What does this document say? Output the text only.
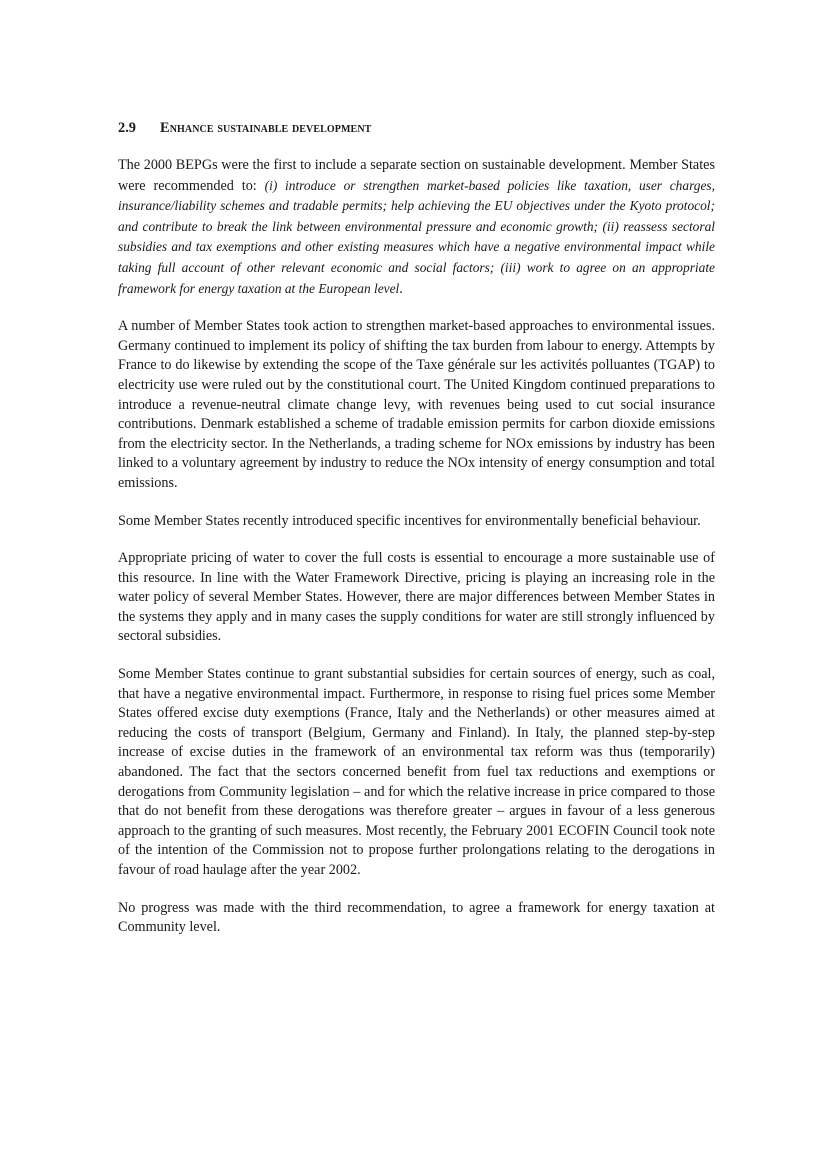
2.9	Enhance sustainable development

The 2000 BEPGs were the first to include a separate section on sustainable development. Member States were recommended to: (i) introduce or strengthen market-based policies like taxation, user charges, insurance/liability schemes and tradable permits; help achieving the EU objectives under the Kyoto protocol; and contribute to break the link between environmental pressure and economic growth; (ii) reassess sectoral subsidies and tax exemptions and other existing measures which have a negative environmental impact while taking full account of other relevant economic and social factors; (iii) work to agree on an appropriate framework for energy taxation at the European level.

A number of Member States took action to strengthen market-based approaches to environmental issues. Germany continued to implement its policy of shifting the tax burden from labour to energy. Attempts by France to do likewise by extending the scope of the Taxe générale sur les activités polluantes (TGAP) to electricity use were ruled out by the constitutional court. The United Kingdom continued preparations to introduce a revenue-neutral climate change levy, with revenues being used to cut social insurance contributions. Denmark established a scheme of tradable emission permits for carbon dioxide emissions from the electricity sector. In the Netherlands, a trading scheme for NOx emissions by industry has been linked to a voluntary agreement by industry to reduce the NOx intensity of energy consumption and total emissions.

Some Member States recently introduced specific incentives for environmentally beneficial behaviour.

Appropriate pricing of water to cover the full costs is essential to encourage a more sustainable use of this resource. In line with the Water Framework Directive, pricing is playing an increasing role in the water policy of several Member States. However, there are major differences between Member States in the systems they apply and in many cases the supply conditions for water are still strongly influenced by sectoral subsidies.

Some Member States continue to grant substantial subsidies for certain sources of energy, such as coal, that have a negative environmental impact. Furthermore, in response to rising fuel prices some Member States offered excise duty exemptions (France, Italy and the Netherlands) or other measures aimed at reducing the costs of transport (Belgium, Germany and Finland). In Italy, the planned step-by-step increase of excise duties in the framework of an environmental tax reform was thus (temporarily) abandoned. The fact that the sectors concerned benefit from fuel tax reductions and exemptions or derogations from Community legislation – and for which the relative increase in price compared to those that do not benefit from these derogations was therefore greater – argues in favour of a less generous approach to the granting of such measures. Most recently, the February 2001 ECOFIN Council took note of the intention of the Commission not to propose further prolongations relating to the derogations in favour of road haulage after the year 2002.

No progress was made with the third recommendation, to agree a framework for energy taxation at Community level.
